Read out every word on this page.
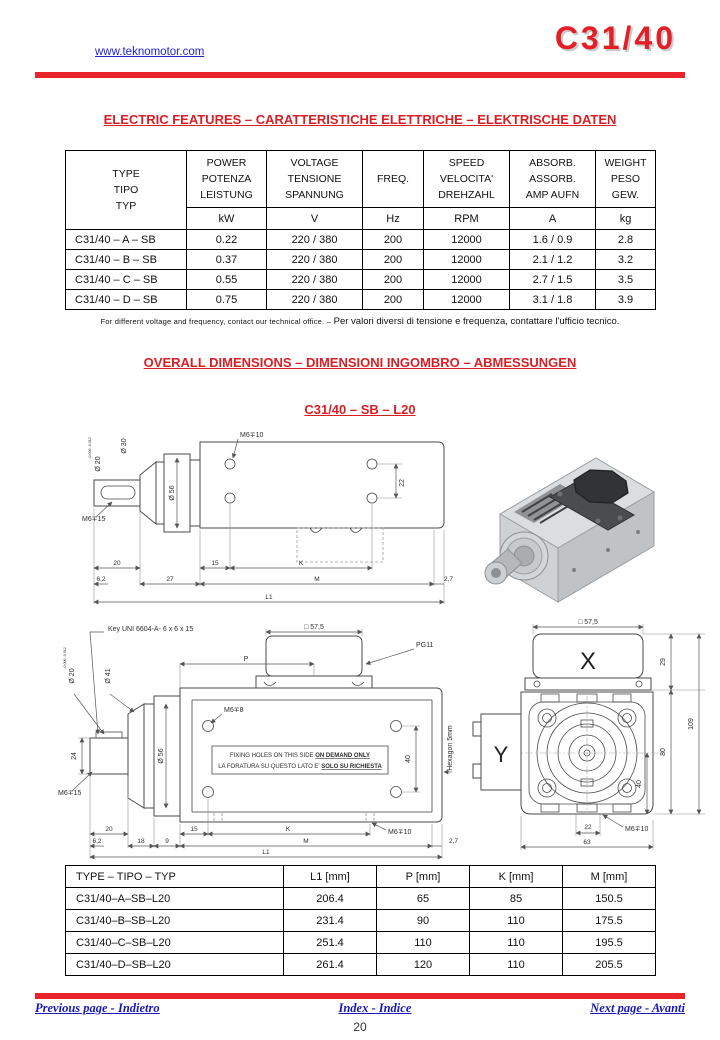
www.teknomotor.com	C31/40
ELECTRIC FEATURES – CARATTERISTICHE ELETTRICHE – ELEKTRISCHE DATEN
TYPE
TIPO
TYP

POWER
POTENZA
LEISTUNG

VOLTAGE
TENSIONE
SPANNUNG

FREQ.

SPEED
VELOCITA'
DREHZAHL

ABSORB.
ASSORB.
AMP AUFN

WEIGHT
PESO
GEW.

	kW	V	Hz	RPM	A	kg
C31/40 – A – SB	0.22	220 / 380	200	12000	1.6 / 0.9	2.8
C31/40 – B – SB	0.37	220 / 380	200	12000	2.1 / 1.2	3.2
C31/40 – C – SB	0.55	220 / 380	200	12000	2.7 / 1.5	3.5
C31/40 – D – SB	0.75	220 / 380	200	12000	3.1 / 1.8	3.9
For different voltage and frequency, contact our technical office. – Per valori diversi di tensione e frequenza, contattare l'ufficio tecnico.
OVERALL DIMENSIONS – DIMENSIONI INGOMBRO – ABMESSUNGEN
C31/40 – SB – L20
Ø 56
Ø 30
Ø 20
-0.006 -0.012
M6∓10
M6∓15
22
20	15	K
6,2	27	M	2,7
L1
□ 57,5
PG11
Key UNI 6604-A- 6 x 6 x 15
P
Ø 20
-0.006 -0.012
Ø 41
Ø 56
24
M6∓15
M6∓8
FIXING HOLES ON THIS SIDE ON DEMAND ONLY
LA FORATURA SU QUESTO LATO E' SOLO SU RICHIESTA
40	Hexagon 5mm
M6∓10
20	15	K
6,2	18	9	M	2,7
L1
□ 57,5
X
Y
29
80
109
40
M6∓10
22
63
TYPE – TIPO – TYP	L1 [mm]	P [mm]	K [mm]	M [mm]
C31/40–A–SB–L20	206.4	65	85	150.5
C31/40–B–SB–L20	231.4	90	110	175.5
C31/40–C–SB–L20	251.4	110	110	195.5
C31/40–D–SB–L20	261.4	120	110	205.5
Previous page - Indietro	Index - Indice	Next page - Avanti
20
